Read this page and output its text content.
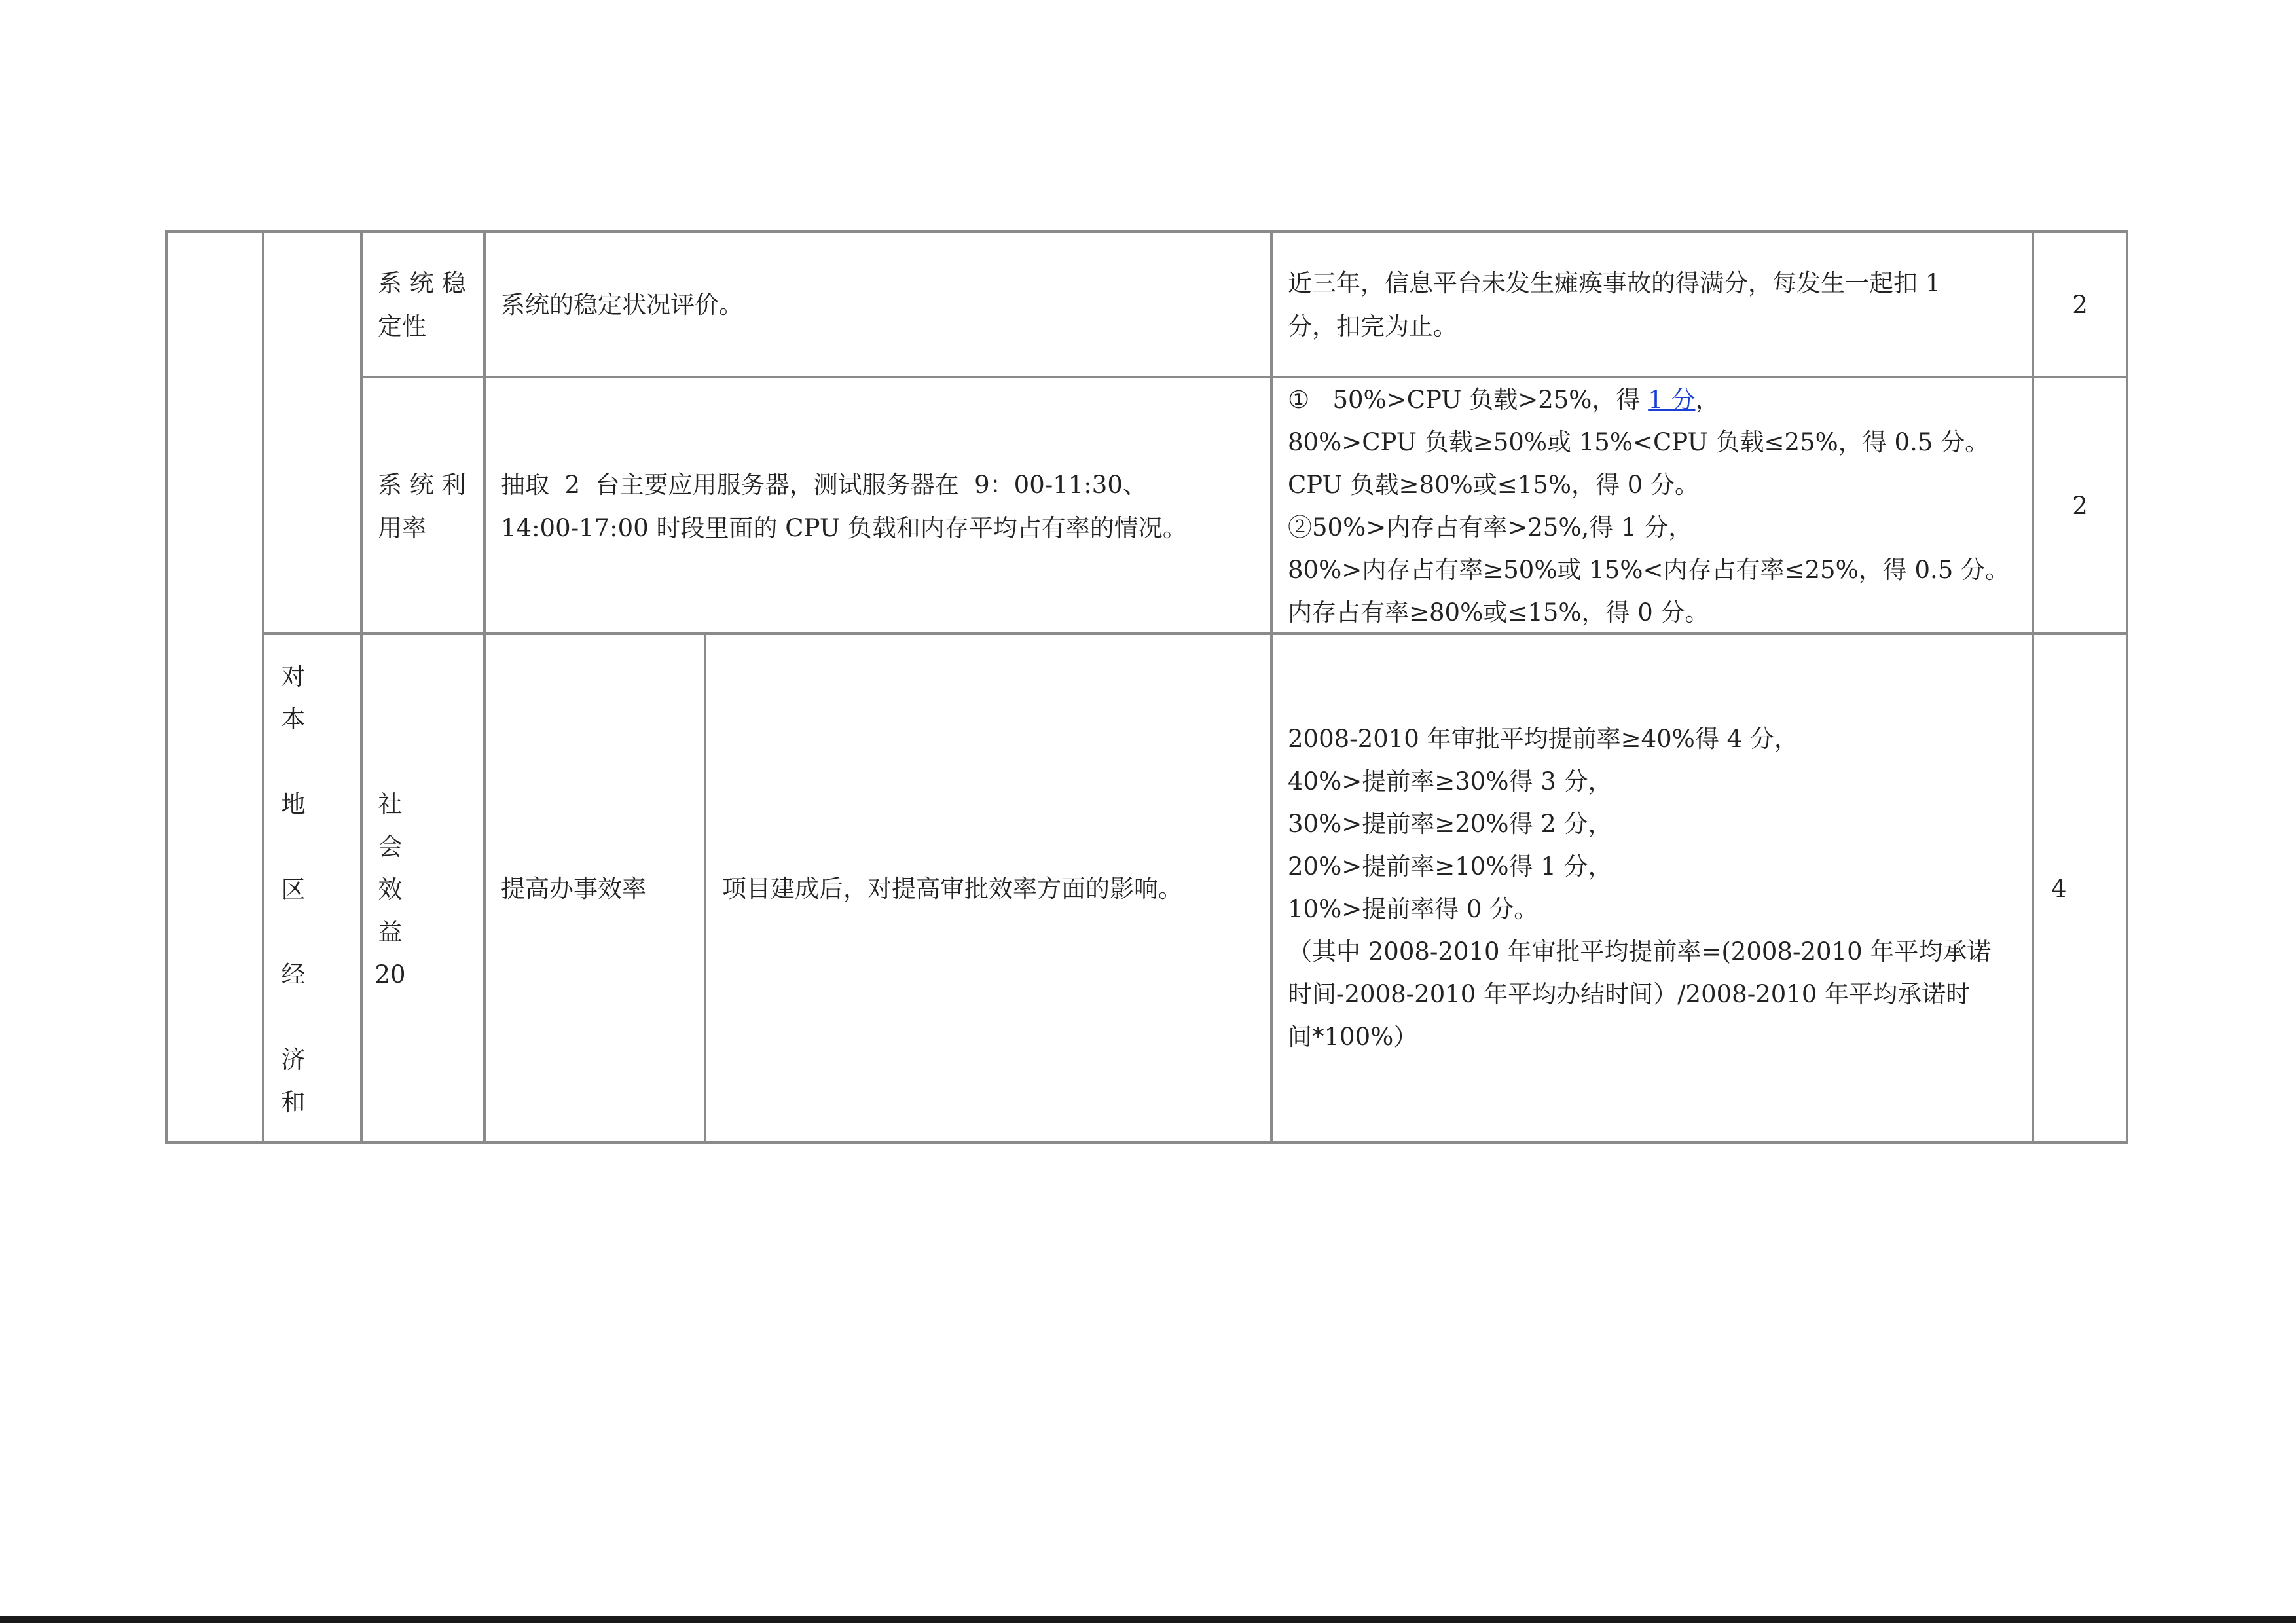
系 统 稳
定性
系统的稳定状况评价。
近三年，信息平台未发生瘫痪事故的得满分，每发生一起扣 1
分，扣完为止。
2
系 统 利
用率
抽取  2  台主要应用服务器，测试服务器在  9：00-11:30、
14:00-17:00 时段里面的 CPU 负载和内存平均占有率的情况。
①   50%>CPU 负载>25%，得 1 分，
80%>CPU 负载≥50%或 15%<CPU 负载≤25%，得 0.5 分。
CPU 负载≥80%或≤15%，得 0 分。
②50%>内存占有率>25%,得 1 分，
80%>内存占有率≥50%或 15%<内存占有率≤25%，得 0.5 分。
内存占有率≥80%或≤15%，得 0 分。
2
对
本
地
区
经
济
和
社
会
效
益
20
提高办事效率	项目建成后，对提高审批效率方面的影响。
2008-2010 年审批平均提前率≥40%得 4 分，
40%>提前率≥30%得 3 分，
30%>提前率≥20%得 2 分，
20%>提前率≥10%得 1 分，
10%>提前率得 0 分。
（其中 2008-2010 年审批平均提前率=(2008-2010 年平均承诺
时间-2008-2010 年平均办结时间）/2008-2010 年平均承诺时
间*100%）
4
